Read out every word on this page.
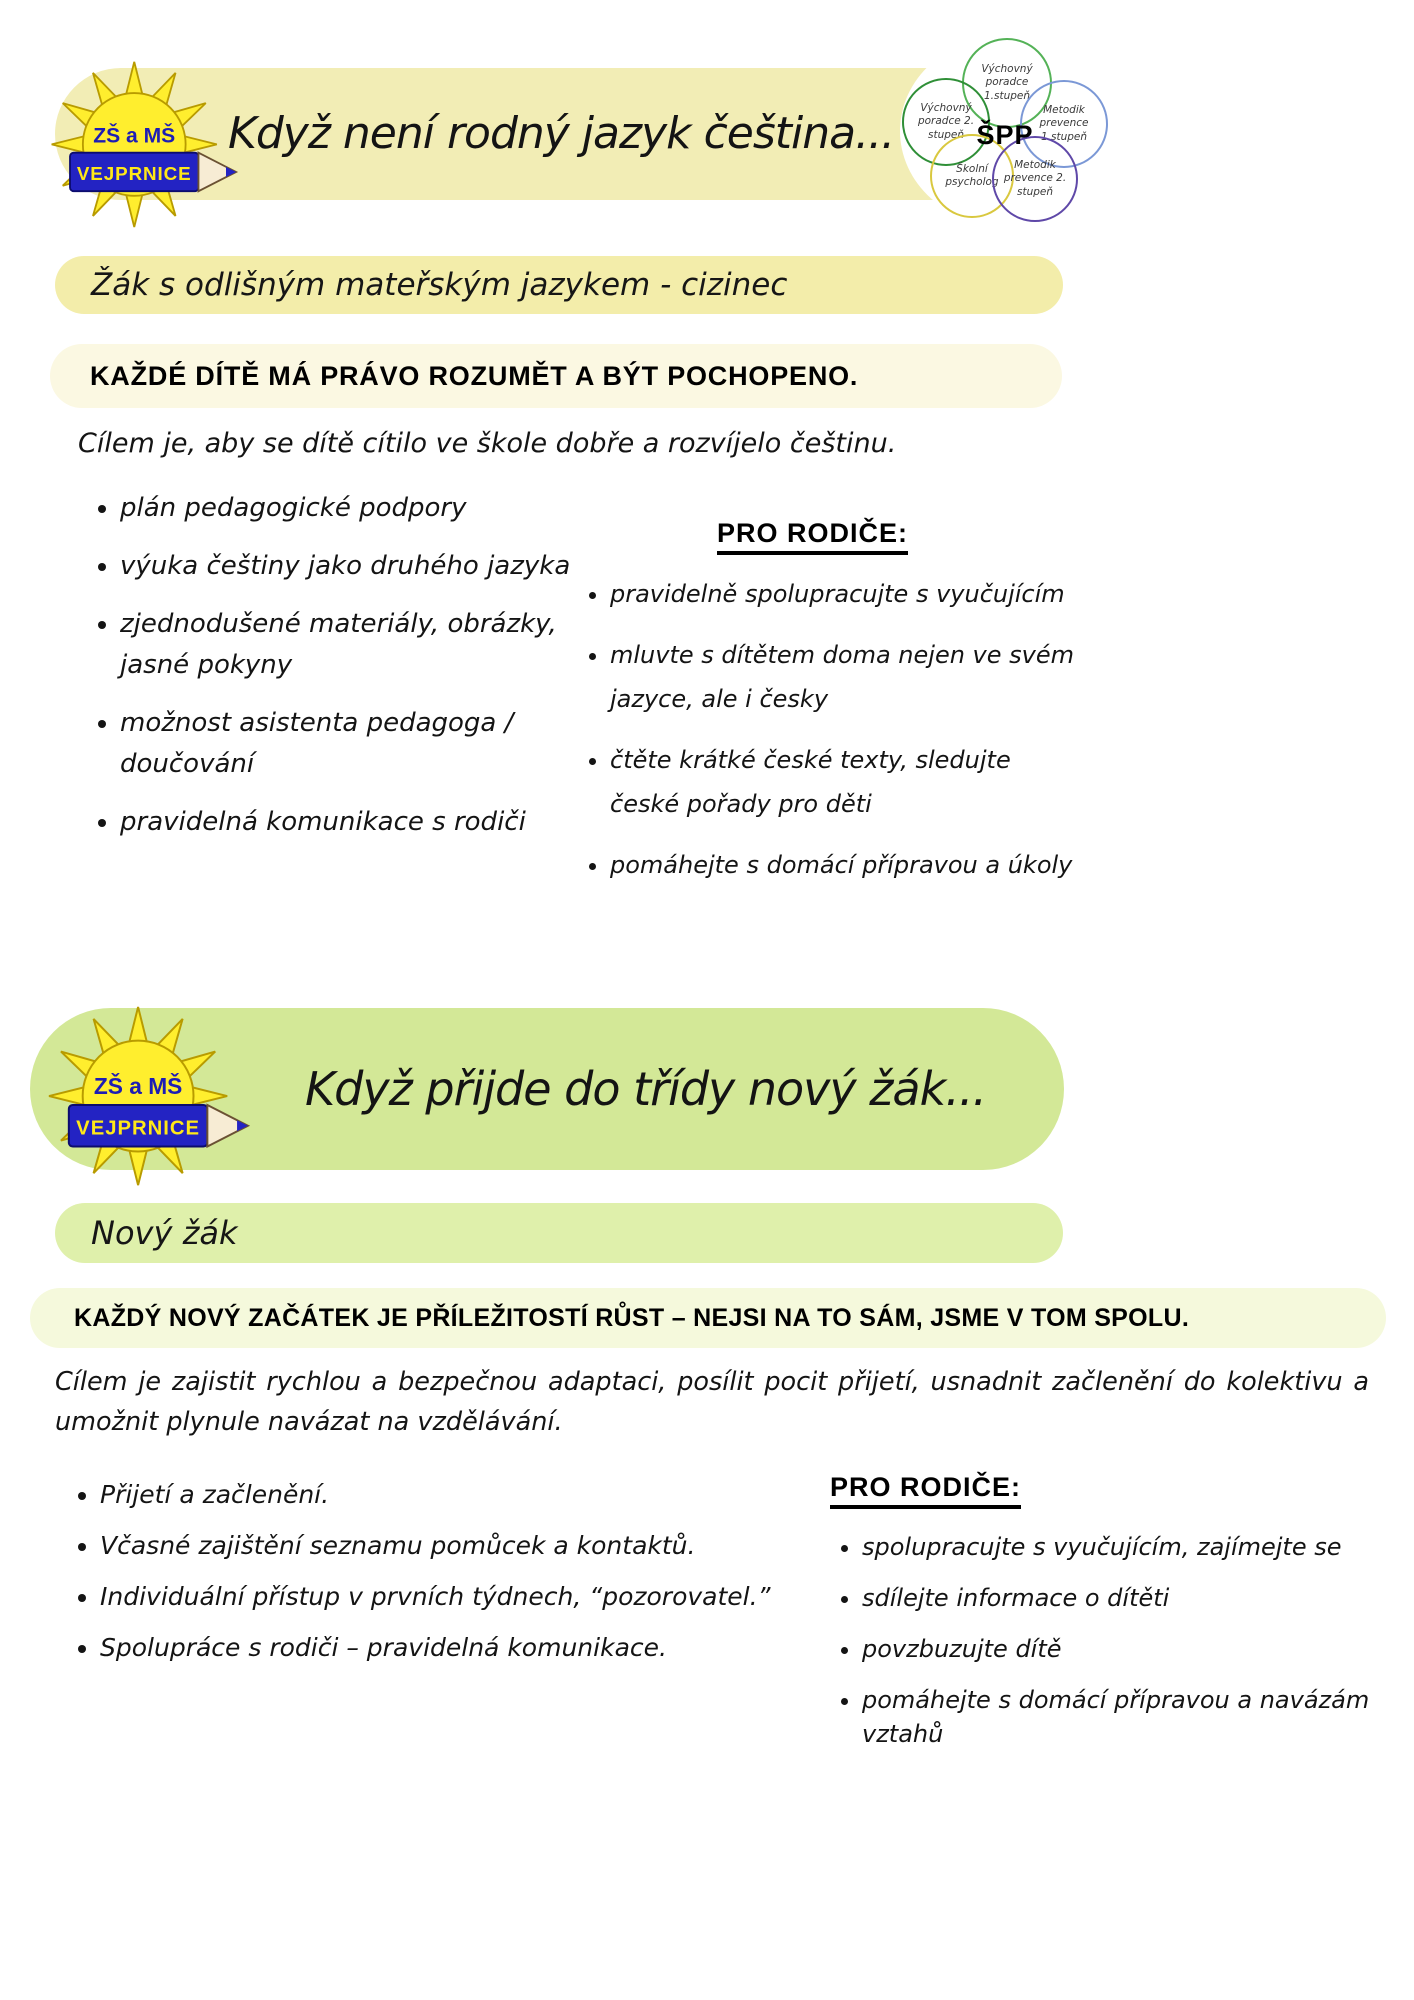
ZŠ a MŠ
VEJPRNICE
Když není rodný jazyk čeština...
Výchovný poradce 1.stupeň
Metodik prevence 1.stupeň
Výchovný poradce 2. stupeň
Školní psycholog
Metodik prevence 2. stupeň
ŠPP
Žák s odlišným mateřským jazykem - cizinec
KAŽDÉ DÍTĚ MÁ PRÁVO ROZUMĚT A BÝT POCHOPENO.
Cílem je, aby se dítě cítilo ve škole dobře a rozvíjelo češtinu.
• plán pedagogické podpory
• výuka češtiny jako druhého jazyka
• zjednodušené materiály, obrázky, jasné pokyny
• možnost asistenta pedagoga / doučování
• pravidelná komunikace s rodiči
PRO RODIČE:
• pravidelně spolupracujte s vyučujícím
• mluvte s dítětem doma nejen ve svém jazyce, ale i česky
• čtěte krátké české texty, sledujte české pořady pro děti
• pomáhejte s domácí přípravou a úkoly
ZŠ a MŠ
VEJPRNICE
Když přijde do třídy nový žák...
Nový žák
KAŽDÝ NOVÝ ZAČÁTEK JE PŘÍLEŽITOSTÍ RŮST – NEJSI NA TO SÁM, JSME V TOM SPOLU.
Cílem je zajistit rychlou a bezpečnou adaptaci, posílit pocit přijetí, usnadnit začlenění do kolektivu a umožnit plynule navázat na vzdělávání.
• Přijetí a začlenění.
• Včasné zajištění seznamu pomůcek a kontaktů.
• Individuální přístup v prvních týdnech, “pozorovatel.”
• Spolupráce s rodiči – pravidelná komunikace.
PRO RODIČE:
• spolupracujte s vyučujícím, zajímejte se
• sdílejte informace o dítěti
• povzbuzujte dítě
• pomáhejte s domácí přípravou a navázám vztahů
